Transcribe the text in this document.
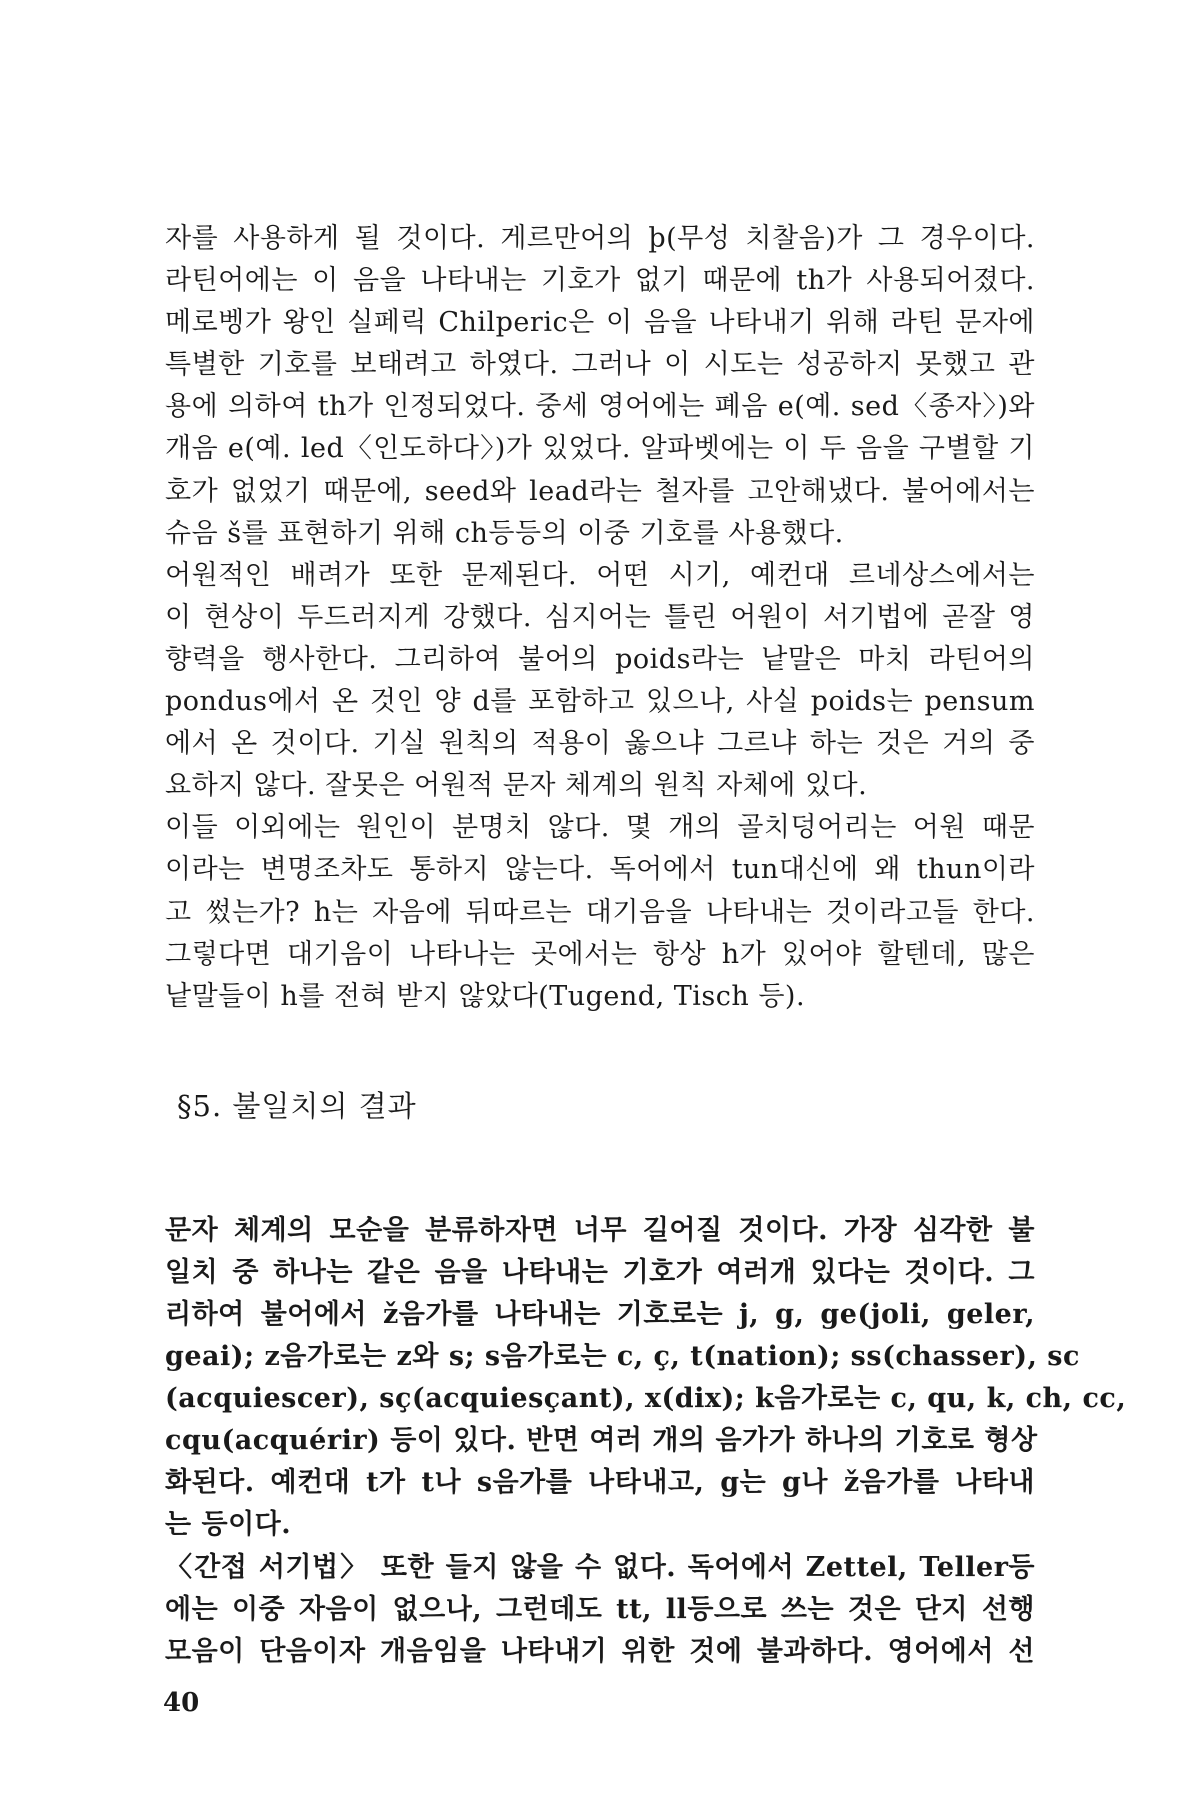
자를 사용하게 될 것이다. 게르만어의 þ(무성 치찰음)가 그 경우이다.
라틴어에는 이 음을 나타내는 기호가 없기 때문에 th가 사용되어졌다.
메로벵가 왕인 실페릭 Chilperic은 이 음을 나타내기 위해 라틴 문자에
특별한 기호를 보태려고 하였다. 그러나 이 시도는 성공하지 못했고 관
용에 의하여 th가 인정되었다. 중세 영어에는 폐음 e(예. sed〈종자〉)와
개음 e(예. led〈인도하다〉)가 있었다. 알파벳에는 이 두 음을 구별할 기
호가 없었기 때문에, seed와 lead라는 철자를 고안해냈다. 불어에서는
슈음 š를 표현하기 위해 ch등등의 이중 기호를 사용했다.
어원적인 배려가 또한 문제된다. 어떤 시기, 예컨대 르네상스에서는
이 현상이 두드러지게 강했다. 심지어는 틀린 어원이 서기법에 곧잘 영
향력을 행사한다. 그리하여 불어의 poids라는 낱말은 마치 라틴어의
pondus에서 온 것인 양 d를 포함하고 있으나, 사실 poids는 pensum
에서 온 것이다. 기실 원칙의 적용이 옳으냐 그르냐 하는 것은 거의 중
요하지 않다. 잘못은 어원적 문자 체계의 원칙 자체에 있다.
이들 이외에는 원인이 분명치 않다. 몇 개의 골치덩어리는 어원 때문
이라는 변명조차도 통하지 않는다. 독어에서 tun대신에 왜 thun이라
고 썼는가? h는 자음에 뒤따르는 대기음을 나타내는 것이라고들 한다.
그렇다면 대기음이 나타나는 곳에서는 항상 h가 있어야 할텐데, 많은
낱말들이 h를 전혀 받지 않았다(Tugend, Tisch 등).
§5. 불일치의 결과
문자 체계의 모순을 분류하자면 너무 길어질 것이다. 가장 심각한 불
일치 중 하나는 같은 음을 나타내는 기호가 여러개 있다는 것이다. 그
리하여 불어에서 ž음가를 나타내는 기호로는 j, g, ge(joli, geler,
geai); z음가로는 z와 s; s음가로는 c, ç, t(nation); ss(chasser), sc
(acquiescer), sç(acquiesçant), x(dix); k음가로는 c, qu, k, ch, cc,
cqu(acquérir) 등이 있다. 반면 여러 개의 음가가 하나의 기호로 형상
화된다. 예컨대 t가 t나 s음가를 나타내고, g는 g나 ž음가를 나타내
는 등이다.
〈간접 서기법〉 또한 들지 않을 수 없다. 독어에서 Zettel, Teller등
에는 이중 자음이 없으나, 그런데도 tt, ll등으로 쓰는 것은 단지 선행
모음이 단음이자 개음임을 나타내기 위한 것에 불과하다. 영어에서 선
40
